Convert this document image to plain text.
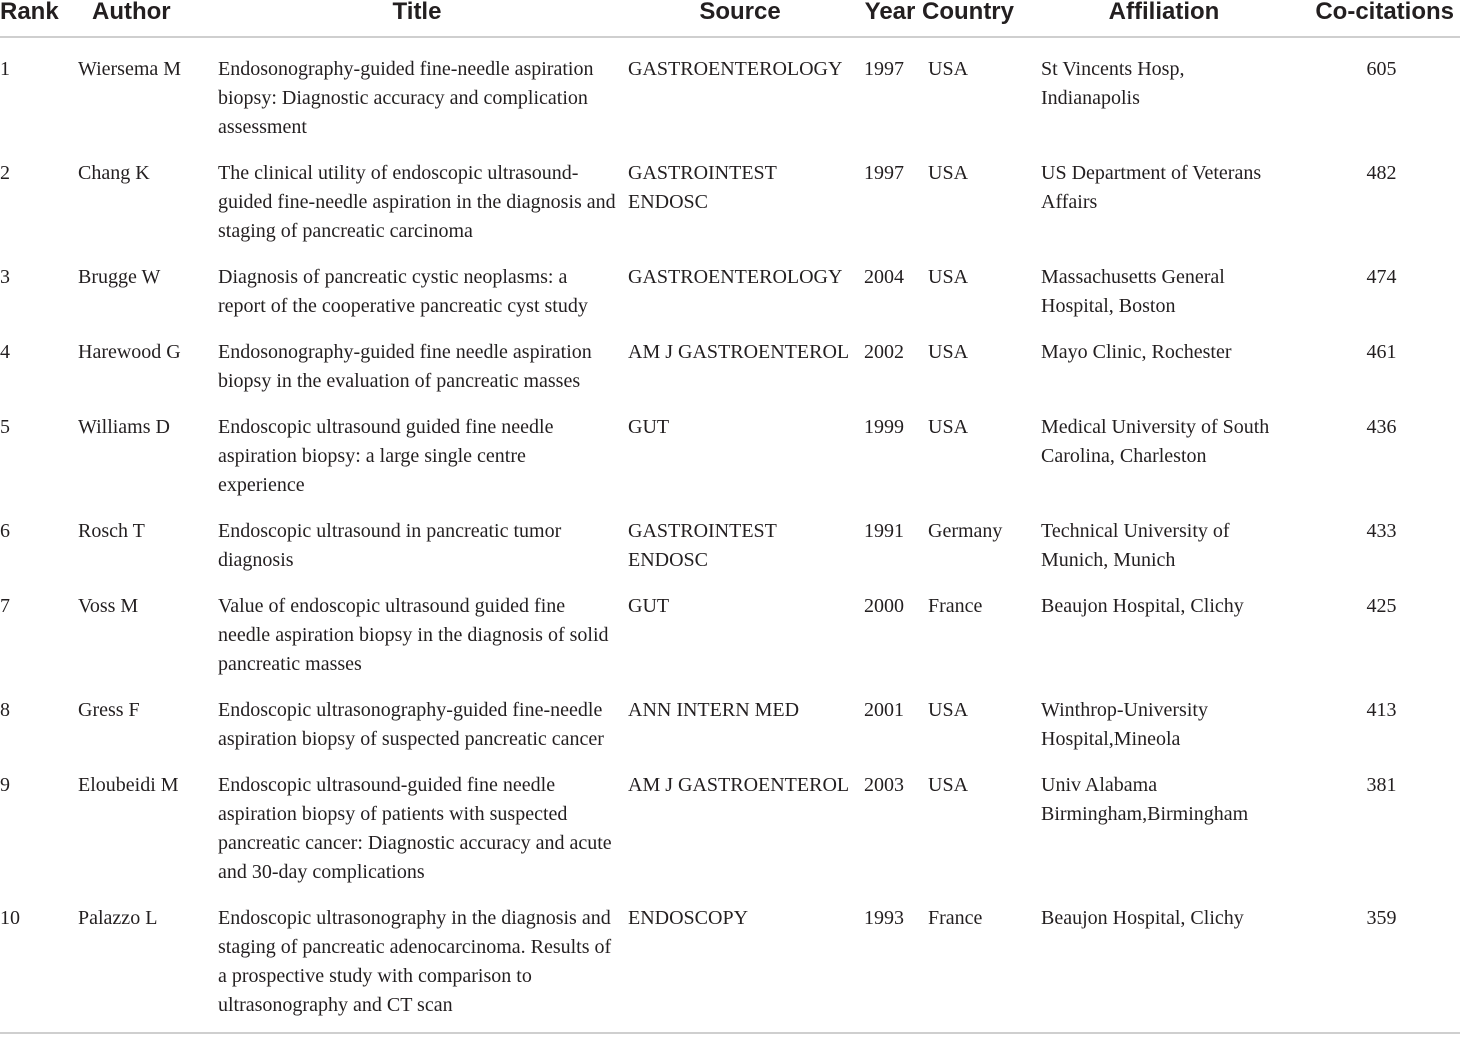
Rank	Author	Title	Source	Year	Country	Affiliation	Co-citations
1	Wiersema M	Endosonography-guided fine-needle aspiration biopsy: Diagnostic accuracy and complication assessment	GASTROENTEROLOGY	1997	USA	St Vincents Hosp, Indianapolis	605
2	Chang K	The clinical utility of endoscopic ultrasound-guided fine-needle aspiration in the diagnosis and staging of pancreatic carcinoma	GASTROINTEST ENDOSC	1997	USA	US Department of Veterans Affairs	482
3	Brugge W	Diagnosis of pancreatic cystic neoplasms: a report of the cooperative pancreatic cyst study	GASTROENTEROLOGY	2004	USA	Massachusetts General Hospital, Boston	474
4	Harewood G	Endosonography-guided fine needle aspiration biopsy in the evaluation of pancreatic masses	AM J GASTROENTEROL	2002	USA	Mayo Clinic, Rochester	461
5	Williams D	Endoscopic ultrasound guided fine needle aspiration biopsy: a large single centre experience	GUT	1999	USA	Medical University of South Carolina, Charleston	436
6	Rosch T	Endoscopic ultrasound in pancreatic tumor diagnosis	GASTROINTEST ENDOSC	1991	Germany	Technical University of Munich, Munich	433
7	Voss M	Value of endoscopic ultrasound guided fine needle aspiration biopsy in the diagnosis of solid pancreatic masses	GUT	2000	France	Beaujon Hospital, Clichy	425
8	Gress F	Endoscopic ultrasonography-guided fine-needle aspiration biopsy of suspected pancreatic cancer	ANN INTERN MED	2001	USA	Winthrop-University Hospital,Mineola	413
9	Eloubeidi M	Endoscopic ultrasound-guided fine needle aspiration biopsy of patients with suspected pancreatic cancer: Diagnostic accuracy and acute and 30-day complications	AM J GASTROENTEROL	2003	USA	Univ Alabama Birmingham,Birmingham	381
10	Palazzo L	Endoscopic ultrasonography in the diagnosis and staging of pancreatic adenocarcinoma. Results of a prospective study with comparison to ultrasonography and CT scan	ENDOSCOPY	1993	France	Beaujon Hospital, Clichy	359
